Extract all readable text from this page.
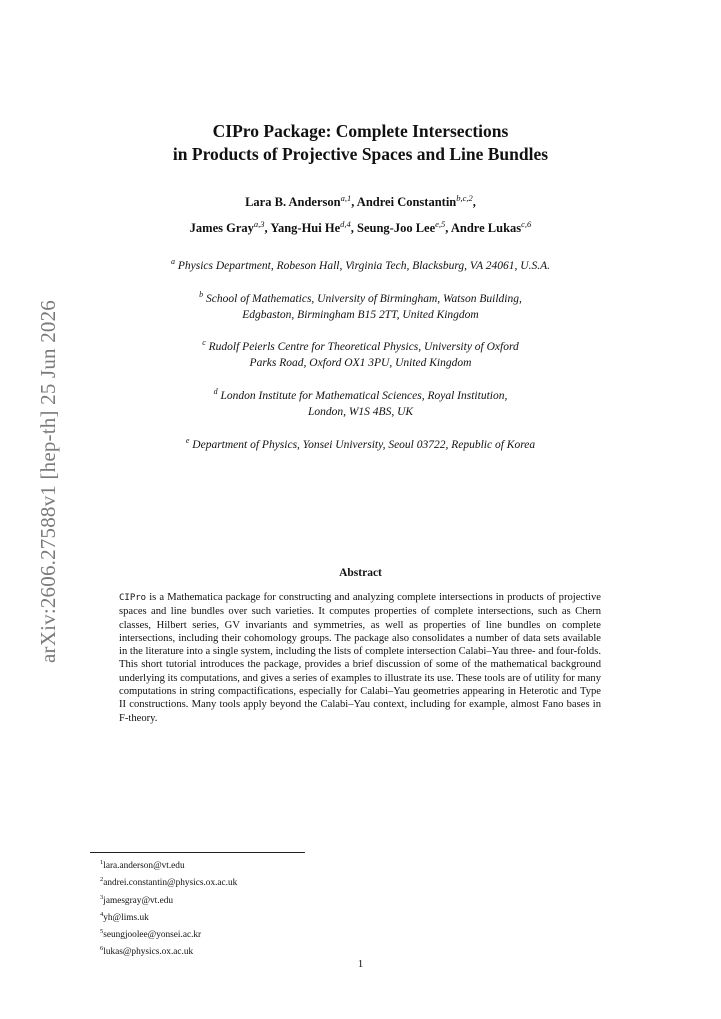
arXiv:2606.27588v1 [hep-th] 25 Jun 2026
CIPro Package: Complete Intersections
in Products of Projective Spaces and Line Bundles
Lara B. Anderson$^{a,1}$, Andrei Constantin$^{b,c,2}$,
James Gray$^{a,3}$, Yang-Hui He$^{d,4}$, Seung-Joo Lee$^{e,5}$, Andre Lukas$^{c,6}$
$^a$ Physics Department, Robeson Hall, Virginia Tech, Blacksburg, VA 24061, U.S.A.
$^b$ School of Mathematics, University of Birmingham, Watson Building,
Edgbaston, Birmingham B15 2TT, United Kingdom
$^c$ Rudolf Peierls Centre for Theoretical Physics, University of Oxford
Parks Road, Oxford OX1 3PU, United Kingdom
$^d$ London Institute for Mathematical Sciences, Royal Institution,
London, W1S 4BS, UK
$^e$ Department of Physics, Yonsei University, Seoul 03722, Republic of Korea
Abstract

CIPro is a Mathematica package for constructing and analyzing complete intersections in products of projective spaces and line bundles over such varieties. It computes properties of complete intersections, such as Chern classes, Hilbert series, GV invariants and symmetries, as well as properties of line bundles on complete intersections, including their cohomology groups. The package also consolidates a number of data sets available in the literature into a single system, including the lists of complete intersection Calabi–Yau three- and four-folds. This short tutorial introduces the package, provides a brief discussion of some of the mathematical background underlying its computations, and gives a series of examples to illustrate its use. These tools are of utility for many computations in string compactifications, especially for Calabi–Yau geometries appearing in Heterotic and Type II constructions. Many tools apply beyond the Calabi–Yau context, including for example, almost Fano bases in F-theory.

$^1$lara.anderson@vt.edu
$^2$andrei.constantin@physics.ox.ac.uk
$^3$jamesgray@vt.edu
$^4$yh@lims.uk
$^5$seungjoolee@yonsei.ac.kr
$^6$lukas@physics.ox.ac.uk
1
